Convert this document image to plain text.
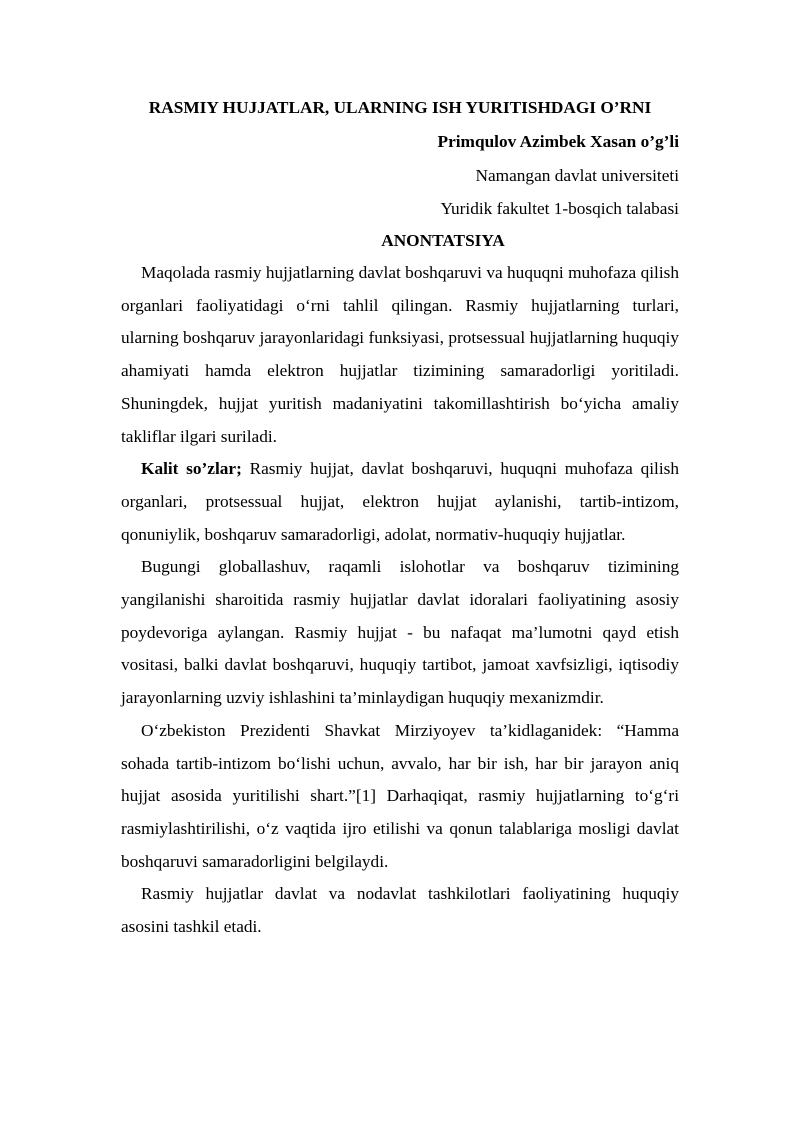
RASMIY HUJJATLAR, ULARNING ISH YURITISHDAGI O’RNI
Primqulov Azimbek Xasan o’g’li
Namangan davlat universiteti
Yuridik fakultet 1-bosqich talabasi
ANONTATSIYA

Maqolada rasmiy hujjatlarning davlat boshqaruvi va huquqni muhofaza qilish organlari faoliyatidagi o‘rni tahlil qilingan. Rasmiy hujjatlarning turlari, ularning boshqaruv jarayonlaridagi funksiyasi, protsessual hujjatlarning huquqiy ahamiyati hamda elektron hujjatlar tizimining samaradorligi yoritiladi. Shuningdek, hujjat yuritish madaniyatini takomillashtirish bo‘yicha amaliy takliflar ilgari suriladi.

Kalit so’zlar; Rasmiy hujjat, davlat boshqaruvi, huquqni muhofaza qilish organlari, protsessual hujjat, elektron hujjat aylanishi, tartib-intizom, qonuniylik, boshqaruv samaradorligi, adolat, normativ-huquqiy hujjatlar.

Bugungi globallashuv, raqamli islohotlar va boshqaruv tizimining yangilanishi sharoitida rasmiy hujjatlar davlat idoralari faoliyatining asosiy poydevoriga aylangan. Rasmiy hujjat - bu nafaqat ma’lumotni qayd etish vositasi, balki davlat boshqaruvi, huquqiy tartibot, jamoat xavfsizligi, iqtisodiy jarayonlarning uzviy ishlashini ta’minlaydigan huquqiy mexanizmdir.

O‘zbekiston Prezidenti Shavkat Mirziyoyev ta’kidlaganidek: “Hamma sohada tartib-intizom bo‘lishi uchun, avvalo, har bir ish, har bir jarayon aniq hujjat asosida yuritilishi shart.”[1] Darhaqiqat, rasmiy hujjatlarning to‘g‘ri rasmiylashtirilishi, o‘z vaqtida ijro etilishi va qonun talablariga mosligi davlat boshqaruvi samaradorligini belgilaydi.

Rasmiy hujjatlar davlat va nodavlat tashkilotlari faoliyatining huquqiy asosini tashkil etadi.
